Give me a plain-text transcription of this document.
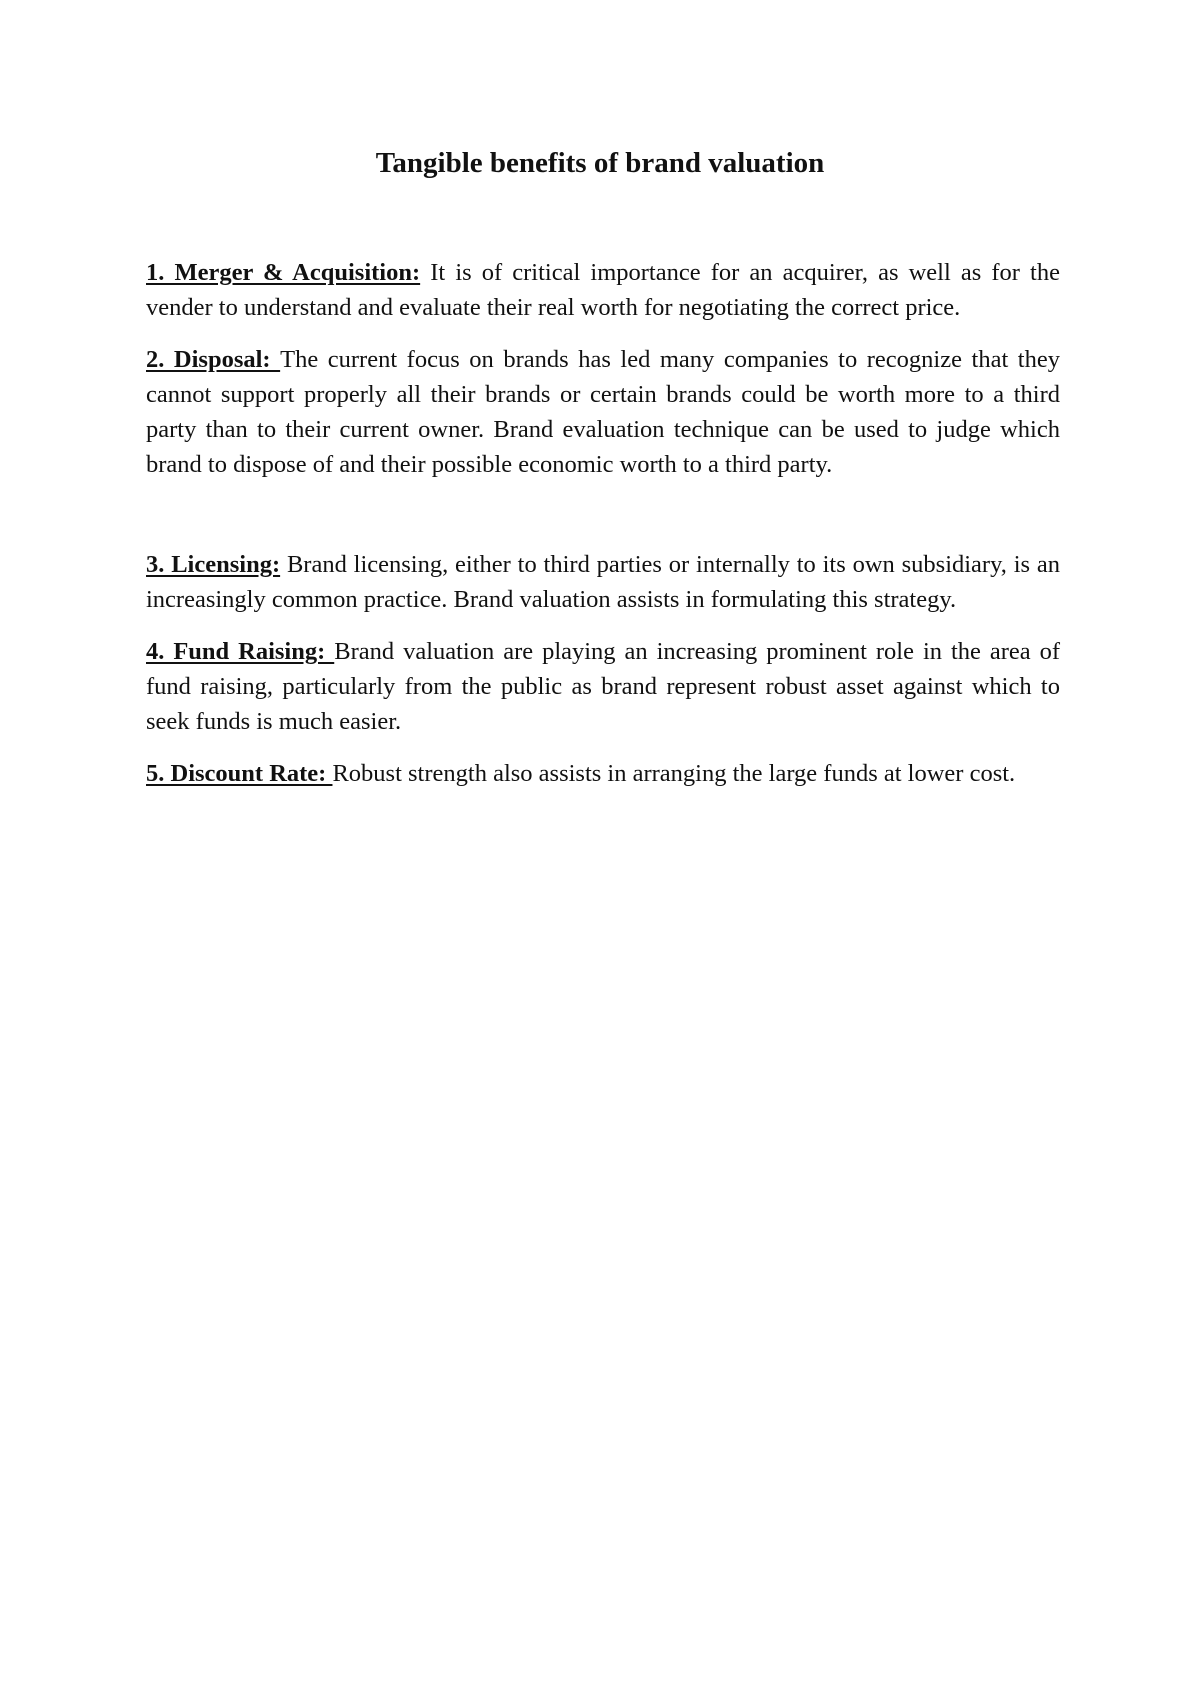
Tangible benefits of brand valuation

1. Merger & Acquisition: It is of critical importance for an acquirer, as well as for the vender to understand and evaluate their real worth for negotiating the correct price.

2. Disposal: The current focus on brands has led many companies to recognize that they cannot support properly all their brands or certain brands could be worth more to a third party than to their current owner. Brand evaluation technique can be used to judge which brand to dispose of and their possible economic worth to a third party.

3. Licensing: Brand licensing, either to third parties or internally to its own subsidiary, is an increasingly common practice. Brand valuation assists in formulating this strategy.

4. Fund Raising: Brand valuation are playing an increasing prominent role in the area of fund raising, particularly from the public as brand represent robust asset against which to seek funds is much easier.

5. Discount Rate: Robust strength also assists in arranging the large funds at lower cost.
